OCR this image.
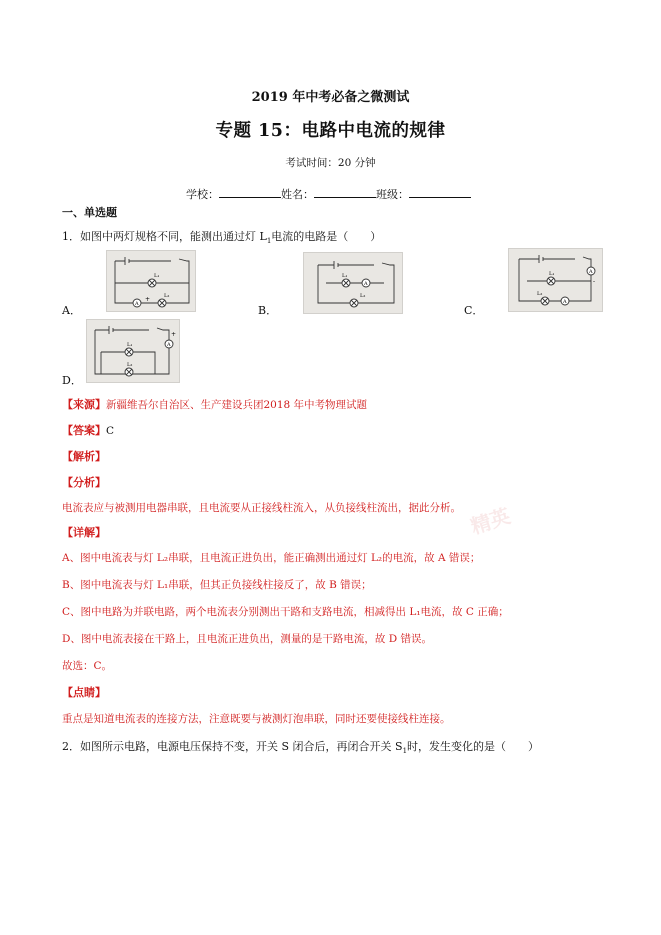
2019 年中考必备之微测试
专题 15：电路中电流的规律
考试时间：20 分钟
学校：	姓名：	班级：
一、单选题
1．如图中两灯规格不同，能测出通过灯 $L_1$电流的电路是（　　）
L₁
L₂
A
+
A．
L₁
A
L₂
B．
A
L₁
L₂
A
-
C．
A
L₁
L₂
+
D．
【来源】新疆维吾尔自治区、生产建设兵团2018 年中考物理试题
【答案】C
【解析】
【分析】
电流表应与被测用电器串联，且电流要从正接线柱流入，从负接线柱流出，据此分析。 精英
【详解】
A、图中电流表与灯 L₂串联，且电流正进负出，能正确测出通过灯 L₂的电流，故 A 错误；
B、图中电流表与灯 L₁串联，但其正负接线柱接反了，故 B 错误；
C、图中电路为并联电路，两个电流表分别测出干路和支路电流，相减得出 L₁电流，故 C 正确；
D、图中电流表接在干路上，且电流正进负出，测量的是干路电流，故 D 错误。
故选：C。
【点睛】
重点是知道电流表的连接方法，注意既要与被测灯泡串联，同时还要使接线柱连接。
2．如图所示电路，电源电压保持不变，开关 S 闭合后，再闭合开关 $S_1$时，发生变化的是（　　）
